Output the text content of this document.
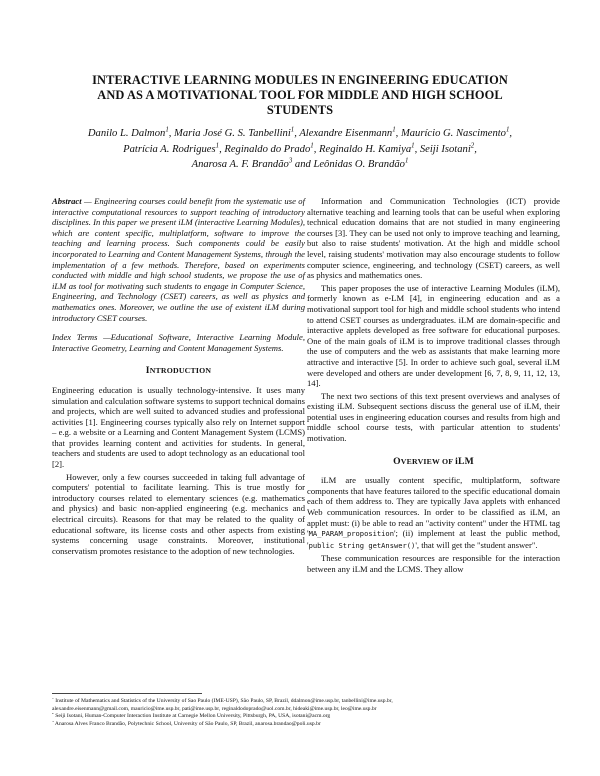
INTERACTIVE LEARNING MODULES IN ENGINEERING EDUCATION
AND AS A MOTIVATIONAL TOOL FOR MIDDLE AND HIGH SCHOOL
STUDENTS
Danilo L. Dalmon$^1$, Maria José G. S. Tanbellini$^1$, Alexandre Eisenmann$^1$, Maurício G. Nascimento$^1$,
Patrícia A. Rodrigues$^1$, Reginaldo do Prado$^1$, Reginaldo H. Kamiya$^1$, Seiji Isotani$^2$,
Anarosa A. F. Brandão$^3$ and Leônidas O. Brandão$^1$

Abstract — Engineering courses could benefit from the systematic use of interactive computational resources to support teaching of introductory disciplines. In this paper we present iLM (interactive Learning Modules), which are content specific, multiplatform, software to improve the teaching and learning process. Such components could be easily incorporated to Learning and Content Management Systems, through the implementation of a few methods. Therefore, based on experiments conducted with middle and high school students, we propose the use of iLM as tool for motivating such students to engage in Computer Science, Engineering, and Technology (CSET) careers, as well as physics and mathematics ones. Moreover, we outline the use of existent iLM during introductory CSET courses.

Index Terms —Educational Software, Interactive Learning Module, Interactive Geometry, Learning and Content Management Systems.

INTRODUCTION

Engineering education is usually technology-intensive. It uses many simulation and calculation software systems to support technical domains and projects, which are well suited to advanced studies and professional activities [1]. Engineering courses typically also rely on Internet support – e.g. a website or a Learning and Content Management System (LCMS) that provides learning content and activities for students. In general, teachers and students are used to adopt technology as an educational tool [2].

However, only a few courses succeeded in taking full advantage of computers' potential to facilitate learning. This is true mostly for introductory courses related to elementary sciences (e.g. mathematics and physics) and basic non-applied engineering (e.g. mechanics and electrical circuits). Reasons for that may be related to the quality of educational software, its license costs and other aspects from existing systems concerning usage constraints. Moreover, institutional conservatism promotes resistance to the adoption of new technologies.

Information and Communication Technologies (ICT) provide alternative teaching and learning tools that can be useful when exploring technical education domains that are not studied in many engineering courses [3]. They can be used not only to improve teaching and learning, but also to raise students' motivation. At the high and middle school level, raising students' motivation may also encourage students to follow computer science, engineering, and technology (CSET) careers, as well as physics and mathematics ones.

This paper proposes the use of interactive Learning Modules (iLM), formerly known as e-LM [4], in engineering education and as a motivational support tool for high and middle school students who intend to attend CSET courses as undergraduates. iLM are domain-specific and interactive applets developed as free software for educational purposes. One of the main goals of iLM is to improve traditional classes through the use of computers and the web as assistants that make learning more attractive and interactive [5]. In order to achieve such goal, several iLM were developed and others are under development [6, 7, 8, 9, 11, 12, 13, 14].

The next two sections of this text present overviews and analyses of existing iLM. Subsequent sections discuss the general use of iLM, their potential uses in engineering education courses and results from high and middle school course tests, with particular attention to students' motivation.

OVERVIEW OF iLM

iLM are usually content specific, multiplatform, software components that have features tailored to the specific educational domain each of them address to. They are typically Java applets with enhanced Web communication resources. In order to be classified as iLM, an applet must: (i) be able to read an "activity content" under the HTML tag 'MA_PARAM_proposition'; (ii) implement at least the public method, 'public String getAnswer()', that will get the "student answer".

These communication resources are responsible for the interaction between any iLM and the LCMS. They allow

$^1$ Institute of Mathematics and Statistics of the University of Sao Paulo (IME-USP), São Paulo, SP, Brazil, ddalmon@ime.usp.br, tanbellini@ime.usp.br,
alexandre.eisenmann@gmail.com, mauricio@ime.usp.br, pati@ime.usp.br, reginaldodoprado@uol.com.br, hideaki@ime.usp.br, leo@ime.usp.br
$^2$ Seiji Isotani, Human-Computer Interaction Institute at Carnegie Mellon University, Pittsburgh, PA, USA, isotani@acm.org
$^3$ Anarosa Alves Franco Brandão, Polytechnic School, University of São Paulo, SP, Brazil, anarosa.brandao@poli.usp.br
